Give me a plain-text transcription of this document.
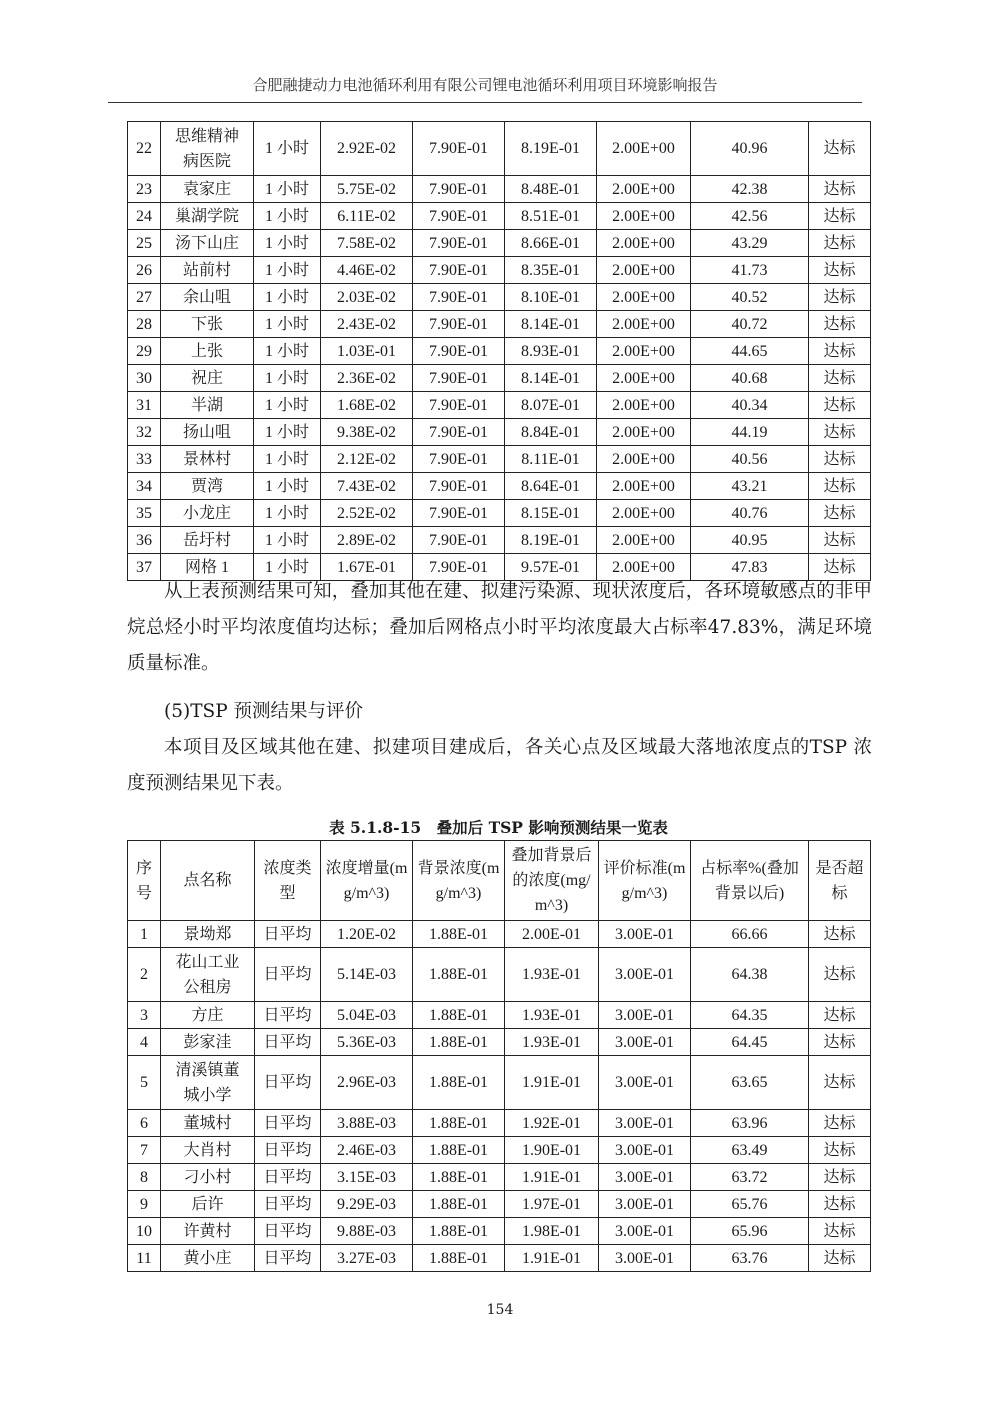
合肥融捷动力电池循环利用有限公司锂电池循环利用项目环境影响报告
22	思维精神病医院	1 小时	2.92E-02	7.90E-01	8.19E-01	2.00E+00	40.96	达标
23	袁家庄	1 小时	5.75E-02	7.90E-01	8.48E-01	2.00E+00	42.38	达标
24	巢湖学院	1 小时	6.11E-02	7.90E-01	8.51E-01	2.00E+00	42.56	达标
25	汤下山庄	1 小时	7.58E-02	7.90E-01	8.66E-01	2.00E+00	43.29	达标
26	站前村	1 小时	4.46E-02	7.90E-01	8.35E-01	2.00E+00	41.73	达标
27	余山咀	1 小时	2.03E-02	7.90E-01	8.10E-01	2.00E+00	40.52	达标
28	下张	1 小时	2.43E-02	7.90E-01	8.14E-01	2.00E+00	40.72	达标
29	上张	1 小时	1.03E-01	7.90E-01	8.93E-01	2.00E+00	44.65	达标
30	祝庄	1 小时	2.36E-02	7.90E-01	8.14E-01	2.00E+00	40.68	达标
31	半湖	1 小时	1.68E-02	7.90E-01	8.07E-01	2.00E+00	40.34	达标
32	扬山咀	1 小时	9.38E-02	7.90E-01	8.84E-01	2.00E+00	44.19	达标
33	景林村	1 小时	2.12E-02	7.90E-01	8.11E-01	2.00E+00	40.56	达标
34	贾湾	1 小时	7.43E-02	7.90E-01	8.64E-01	2.00E+00	43.21	达标
35	小龙庄	1 小时	2.52E-02	7.90E-01	8.15E-01	2.00E+00	40.76	达标
36	岳圩村	1 小时	2.89E-02	7.90E-01	8.19E-01	2.00E+00	40.95	达标
37	网格 1	1 小时	1.67E-01	7.90E-01	9.57E-01	2.00E+00	47.83	达标
从上表预测结果可知，叠加其他在建、拟建污染源、现状浓度后，各环境敏感点的非甲烷总烃小时平均浓度值均达标；叠加后网格点小时平均浓度最大占标率47.83%，满足环境质量标准。
(5)TSP 预测结果与评价
本项目及区域其他在建、拟建项目建成后，各关心点及区域最大落地浓度点的TSP 浓度预测结果见下表。
表 5.1.8-15　叠加后 TSP 影响预测结果一览表
序号	点名称	浓度类型	浓度增量(mg/m^3)	背景浓度(mg/m^3)	叠加背景后的浓度(mg/m^3)	评价标准(mg/m^3)	占标率%(叠加背景以后)	是否超标
1	景坳郑	日平均	1.20E-02	1.88E-01	2.00E-01	3.00E-01	66.66	达标
2	花山工业公租房	日平均	5.14E-03	1.88E-01	1.93E-01	3.00E-01	64.38	达标
3	方庄	日平均	5.04E-03	1.88E-01	1.93E-01	3.00E-01	64.35	达标
4	彭家洼	日平均	5.36E-03	1.88E-01	1.93E-01	3.00E-01	64.45	达标
5	清溪镇董城小学	日平均	2.96E-03	1.88E-01	1.91E-01	3.00E-01	63.65	达标
6	董城村	日平均	3.88E-03	1.88E-01	1.92E-01	3.00E-01	63.96	达标
7	大肖村	日平均	2.46E-03	1.88E-01	1.90E-01	3.00E-01	63.49	达标
8	刁小村	日平均	3.15E-03	1.88E-01	1.91E-01	3.00E-01	63.72	达标
9	后许	日平均	9.29E-03	1.88E-01	1.97E-01	3.00E-01	65.76	达标
10	许黄村	日平均	9.88E-03	1.88E-01	1.98E-01	3.00E-01	65.96	达标
11	黄小庄	日平均	3.27E-03	1.88E-01	1.91E-01	3.00E-01	63.76	达标
154
